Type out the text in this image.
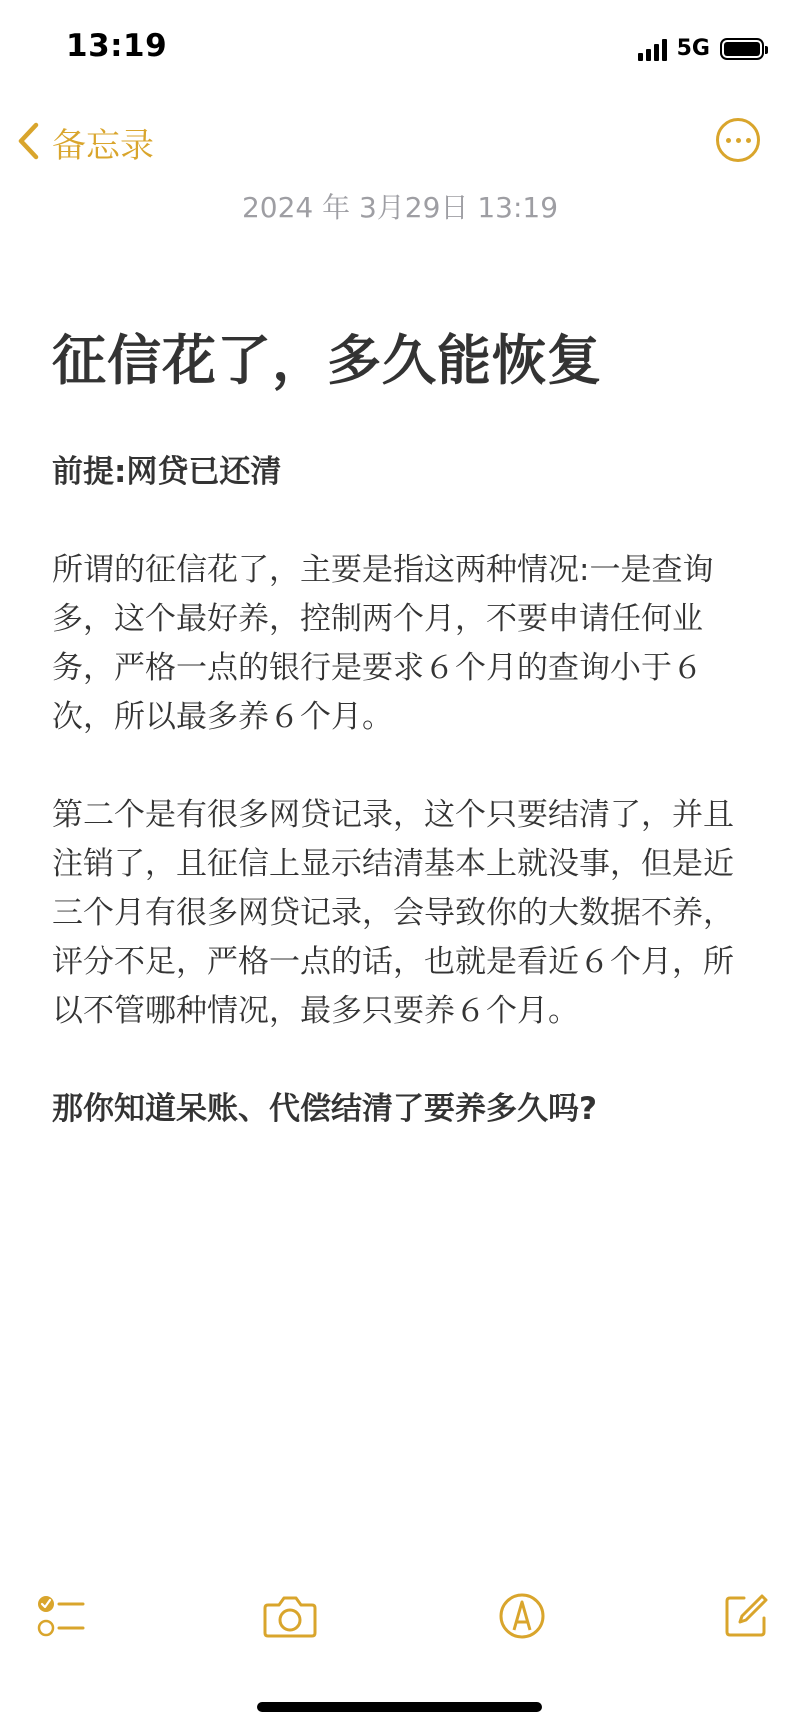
13:19	5G
备忘录
2024 年 3月29日 13:19
征信花了，多久能恢复

前提:网贷已还清

所谓的征信花了，主要是指这两种情况:一是查询多，这个最好养，控制两个月，不要申请任何业务，严格一点的银行是要求６个月的查询小于６次，所以最多养６个月。

第二个是有很多网贷记录，这个只要结清了，并且注销了，且征信上显示结清基本上就没事，但是近三个月有很多网贷记录，会导致你的大数据不养，评分不足，严格一点的话，也就是看近６个月，所以不管哪种情况，最多只要养６个月。

那你知道呆账、代偿结清了要养多久吗?
